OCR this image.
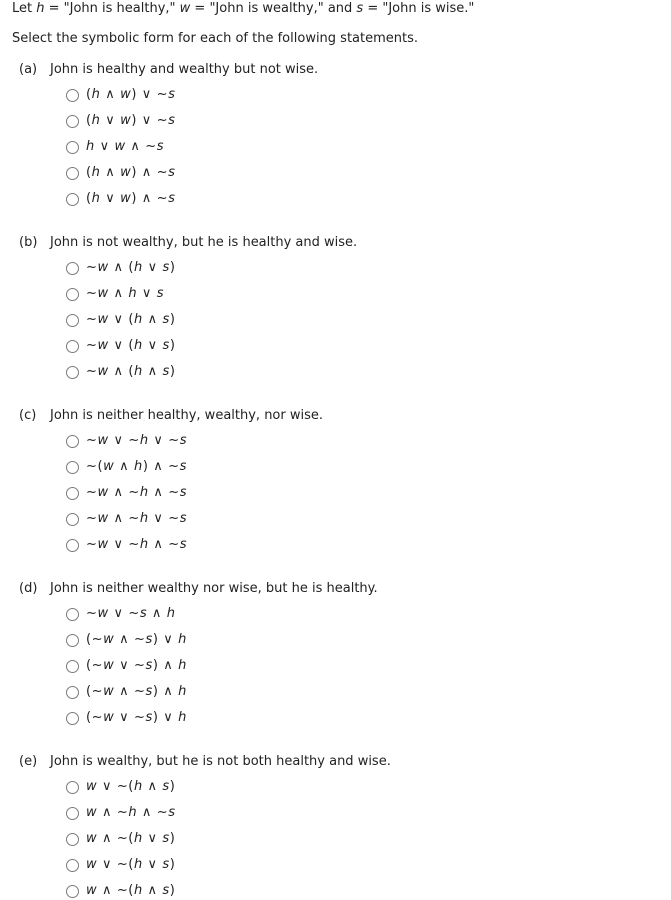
Let h = "John is healthy," w = "John is wealthy," and s = "John is wise."
Select the symbolic form for each of the following statements.
(a) John is healthy and wealthy but not wise.
(h ∧ w) ∨ ~s
(h ∨ w) ∨ ~s
h ∨ w ∧ ~s
(h ∧ w) ∧ ~s
(h ∨ w) ∧ ~s
(b) John is not wealthy, but he is healthy and wise.
~w ∧ (h ∨ s)
~w ∧ h ∨ s
~w ∨ (h ∧ s)
~w ∨ (h ∨ s)
~w ∧ (h ∧ s)
(c) John is neither healthy, wealthy, nor wise.
~w ∨ ~h ∨ ~s
~(w ∧ h) ∧ ~s
~w ∧ ~h ∧ ~s
~w ∧ ~h ∨ ~s
~w ∨ ~h ∧ ~s
(d) John is neither wealthy nor wise, but he is healthy.
~w ∨ ~s ∧ h
(~w ∧ ~s) ∨ h
(~w ∨ ~s) ∧ h
(~w ∧ ~s) ∧ h
(~w ∨ ~s) ∨ h
(e) John is wealthy, but he is not both healthy and wise.
w ∨ ~(h ∧ s)
w ∧ ~h ∧ ~s
w ∧ ~(h ∨ s)
w ∨ ~(h ∨ s)
w ∧ ~(h ∧ s)
